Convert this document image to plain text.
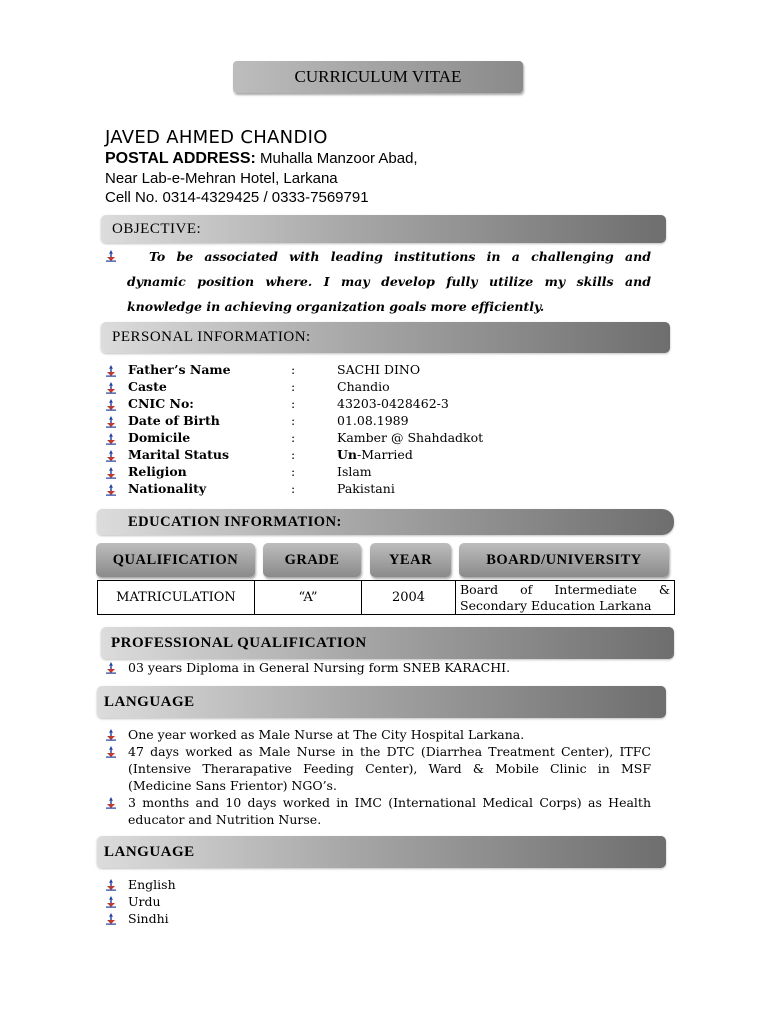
CURRICULUM VITAE
JAVED AHMED CHANDIO
POSTAL ADDRESS: Muhalla Manzoor Abad,
Near Lab-e-Mehran Hotel, Larkana
Cell No. 0314-4329425 / 0333-7569791
OBJECTIVE:
To be associated with leading institutions in a challenging and dynamic position where. I may develop fully utilize my skills and knowledge in achieving organization goals more efficiently.
PERSONAL INFORMATION:
Father’s Name	:	SACHI DINO
Caste	:	Chandio
CNIC No:	:	43203-0428462-3
Date of Birth	:	01.08.1989
Domicile	:	Kamber @ Shahdadkot
Marital Status	:	Un-Married
Religion	:	Islam
Nationality	:	Pakistani
EDUCATION INFORMATION:
QUALIFICATION	GRADE	YEAR	BOARD/UNIVERSITY
MATRICULATION	“A”	2004	Board of Intermediate & Secondary Education Larkana
PROFESSIONAL QUALIFICATION
03 years Diploma in General Nursing form SNEB KARACHI.
LANGUAGE
One year worked as Male Nurse at The City Hospital Larkana.
47 days worked as Male Nurse in the DTC (Diarrhea Treatment Center), ITFC (Intensive Therarapative Feeding Center), Ward & Mobile Clinic in MSF (Medicine Sans Frientor) NGO’s.
3 months and 10 days worked in IMC (International Medical Corps) as Health educator and Nutrition Nurse.
LANGUAGE
English
Urdu
Sindhi
